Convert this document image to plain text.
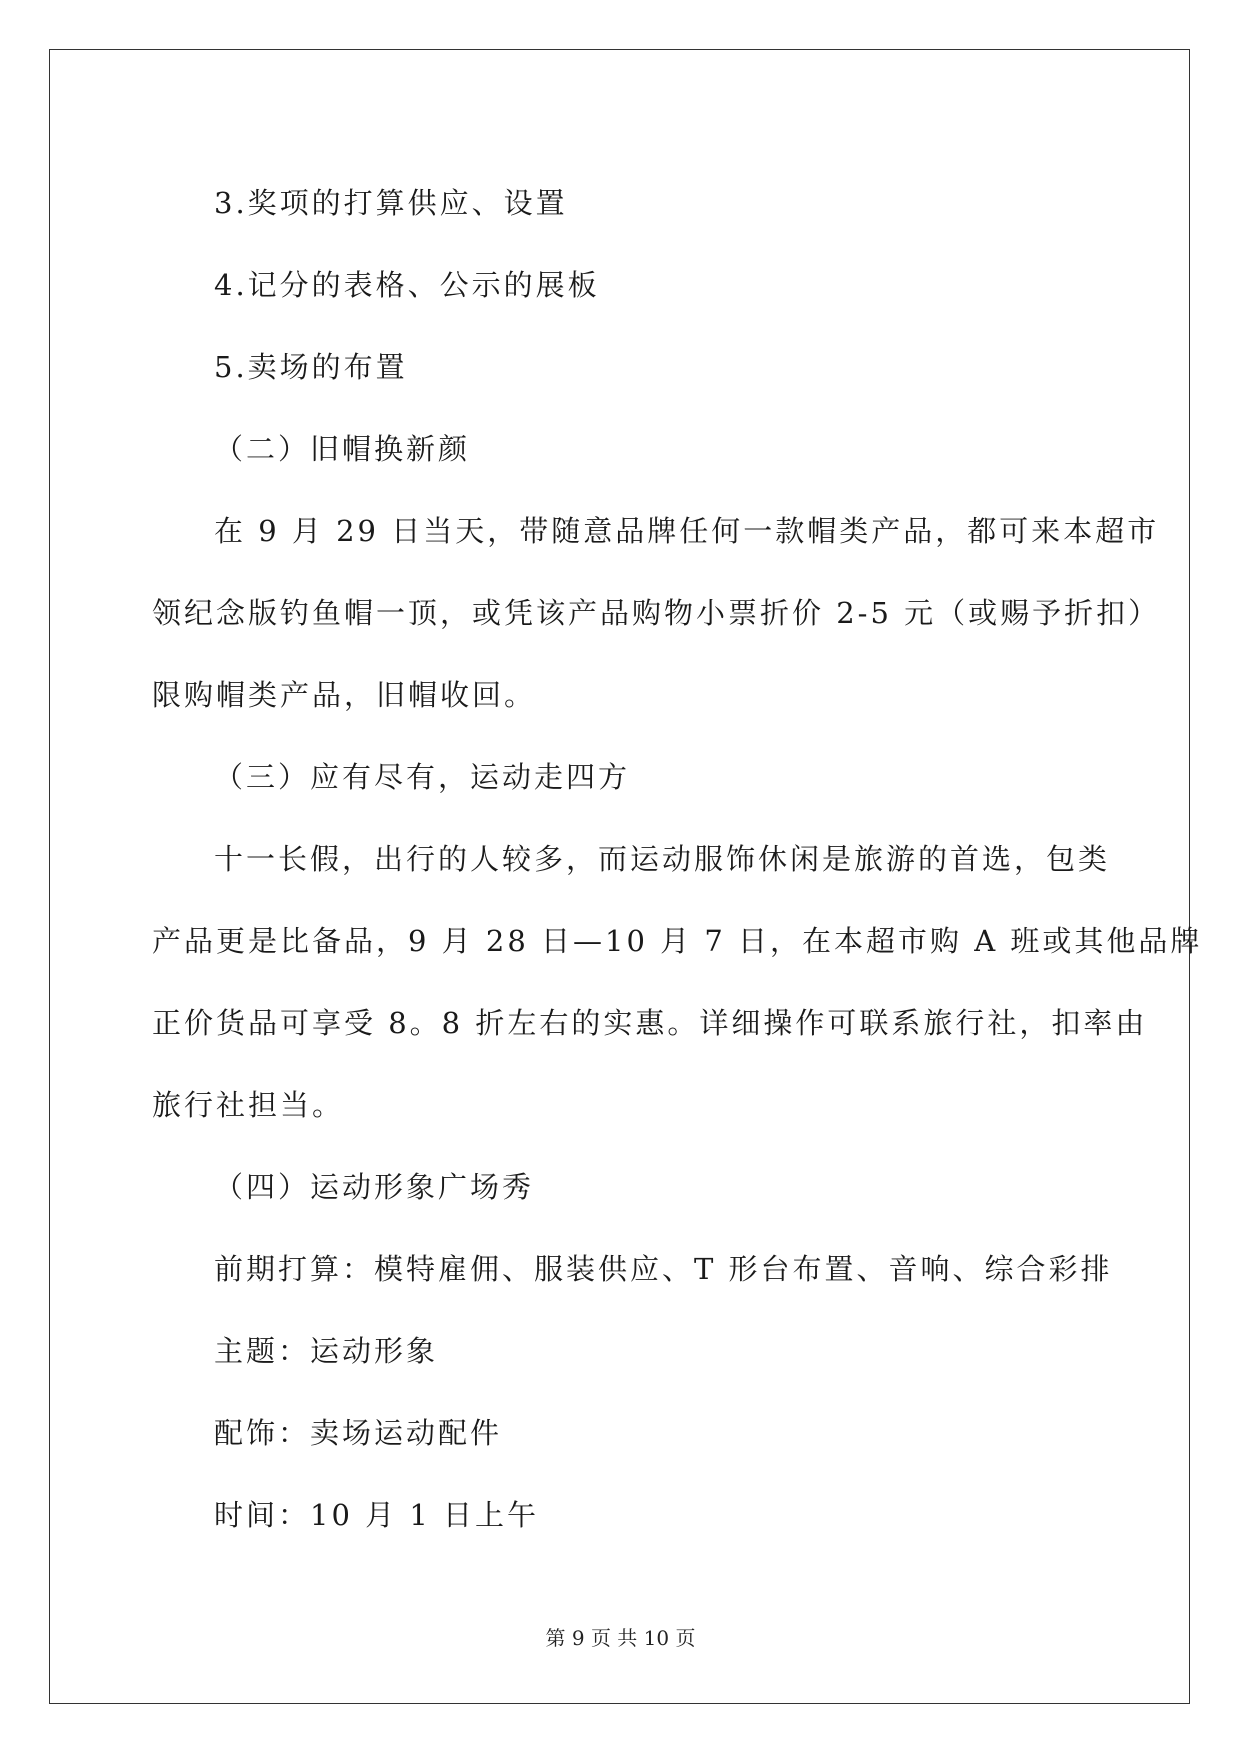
3.奖项的打算供应、设置

4.记分的表格、公示的展板

5.卖场的布置

（二）旧帽换新颜

在 9 月 29 日当天，带随意品牌任何一款帽类产品，都可来本超市

领纪念版钓鱼帽一顶，或凭该产品购物小票折价 2-5 元（或赐予折扣）

限购帽类产品，旧帽收回。

（三）应有尽有，运动走四方

十一长假，出行的人较多，而运动服饰休闲是旅游的首选，包类

产品更是比备品，9 月 28 日—10 月 7 日，在本超市购 A 班或其他品牌

正价货品可享受 8。8 折左右的实惠。详细操作可联系旅行社，扣率由

旅行社担当。

（四）运动形象广场秀

前期打算：模特雇佣、服装供应、T 形台布置、音响、综合彩排

主题：运动形象

配饰：卖场运动配件

时间：10 月 1 日上午

第 9 页 共 10 页
